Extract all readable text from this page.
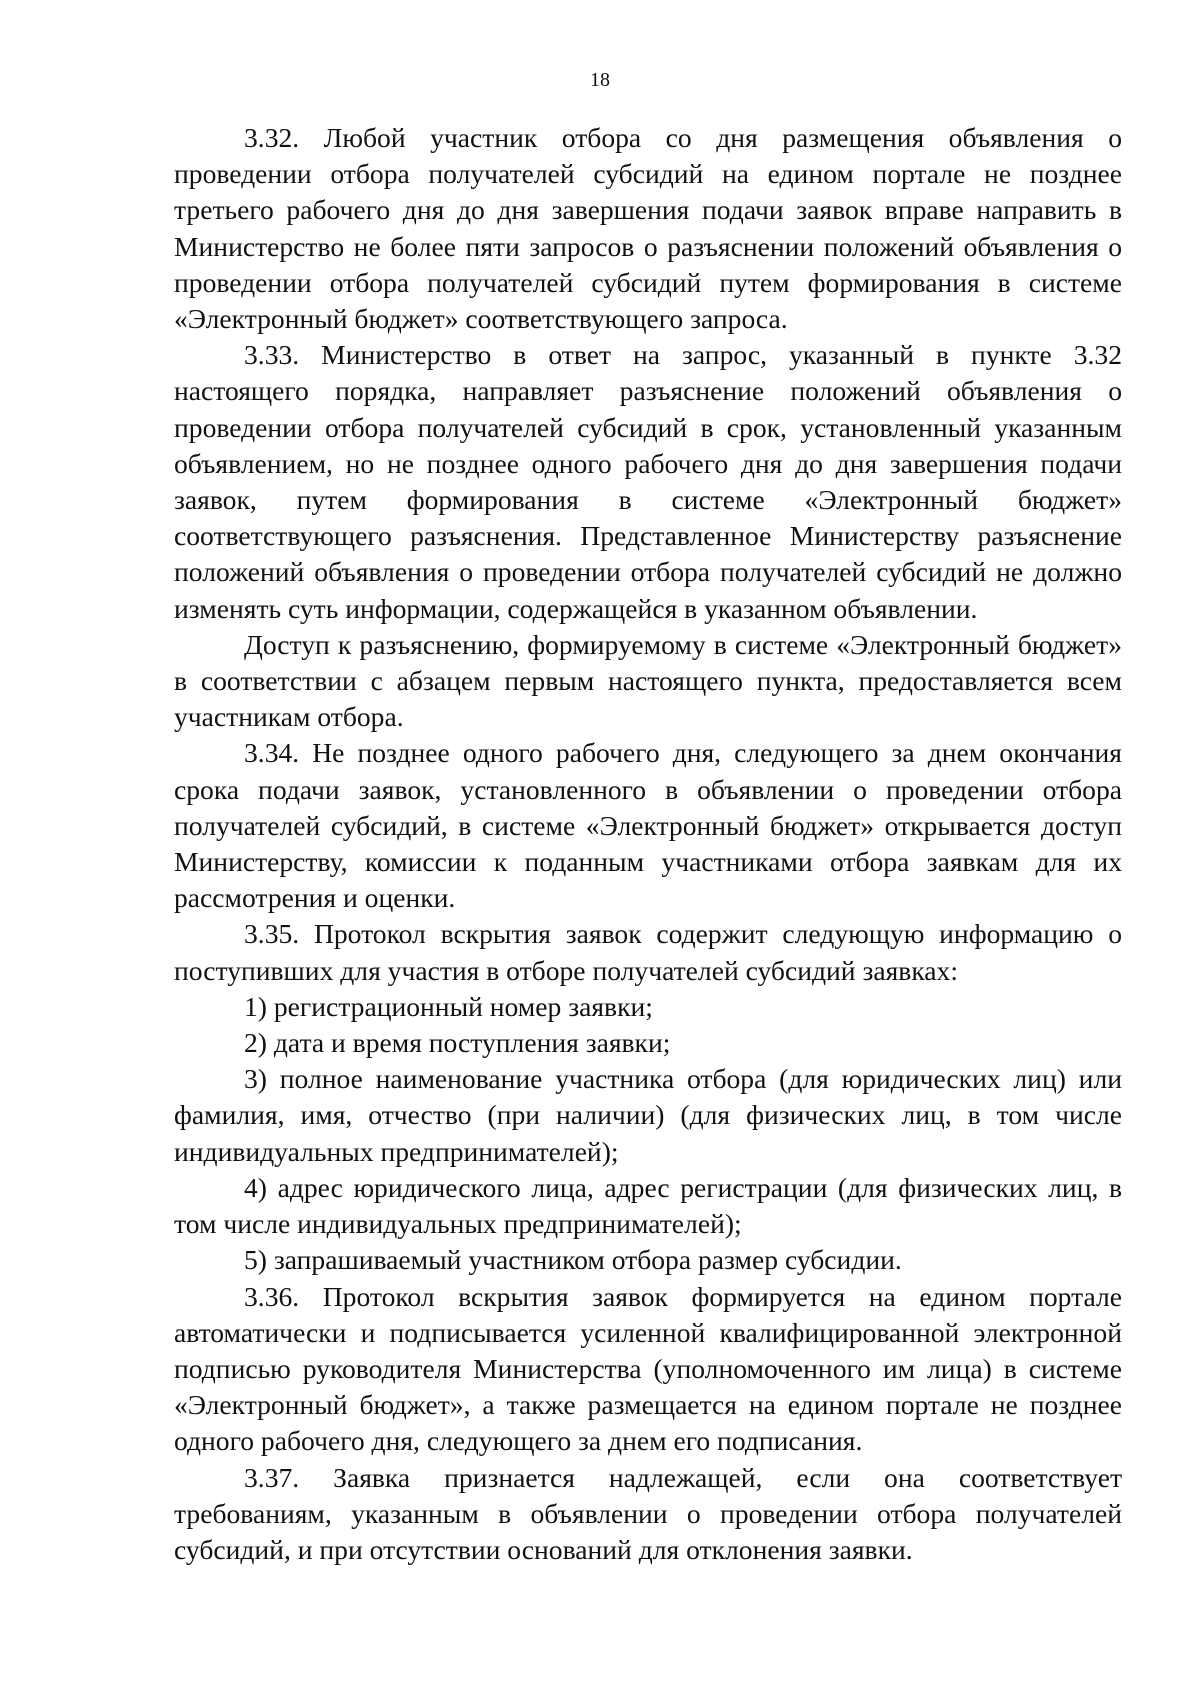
18

3.32. Любой участник отбора со дня размещения объявления о проведении отбора получателей субсидий на едином портале не позднее третьего рабочего дня до дня завершения подачи заявок вправе направить в Министерство не более пяти запросов о разъяснении положений объявления о проведении отбора получателей субсидий путем формирования в системе «Электронный бюджет» соответствующего запроса.

3.33. Министерство в ответ на запрос, указанный в пункте 3.32 настоящего порядка, направляет разъяснение положений объявления о проведении отбора получателей субсидий в срок, установленный указанным объявлением, но не позднее одного рабочего дня до дня завершения подачи заявок, путем формирования в системе «Электронный бюджет» соответствующего разъяснения. Представленное Министерству разъяснение положений объявления о проведении отбора получателей субсидий не должно изменять суть информации, содержащейся в указанном объявлении.

Доступ к разъяснению, формируемому в системе «Электронный бюджет» в соответствии с абзацем первым настоящего пункта, предоставляется всем участникам отбора.

3.34. Не позднее одного рабочего дня, следующего за днем окончания срока подачи заявок, установленного в объявлении о проведении отбора получателей субсидий, в системе «Электронный бюджет» открывается доступ Министерству, комиссии к поданным участниками отбора заявкам для их рассмотрения и оценки.

3.35. Протокол вскрытия заявок содержит следующую информацию о поступивших для участия в отборе получателей субсидий заявках:

1) регистрационный номер заявки;

2) дата и время поступления заявки;

3) полное наименование участника отбора (для юридических лиц) или фамилия, имя, отчество (при наличии) (для физических лиц, в том числе индивидуальных предпринимателей);

4) адрес юридического лица, адрес регистрации (для физических лиц, в том числе индивидуальных предпринимателей);

5) запрашиваемый участником отбора размер субсидии.

3.36. Протокол вскрытия заявок формируется на едином портале автоматически и подписывается усиленной квалифицированной электронной подписью руководителя Министерства (уполномоченного им лица) в системе «Электронный бюджет», а также размещается на едином портале не позднее одного рабочего дня, следующего за днем его подписания.

3.37. Заявка признается надлежащей, если она соответствует требованиям, указанным в объявлении о проведении отбора получателей субсидий, и при отсутствии оснований для отклонения заявки.
